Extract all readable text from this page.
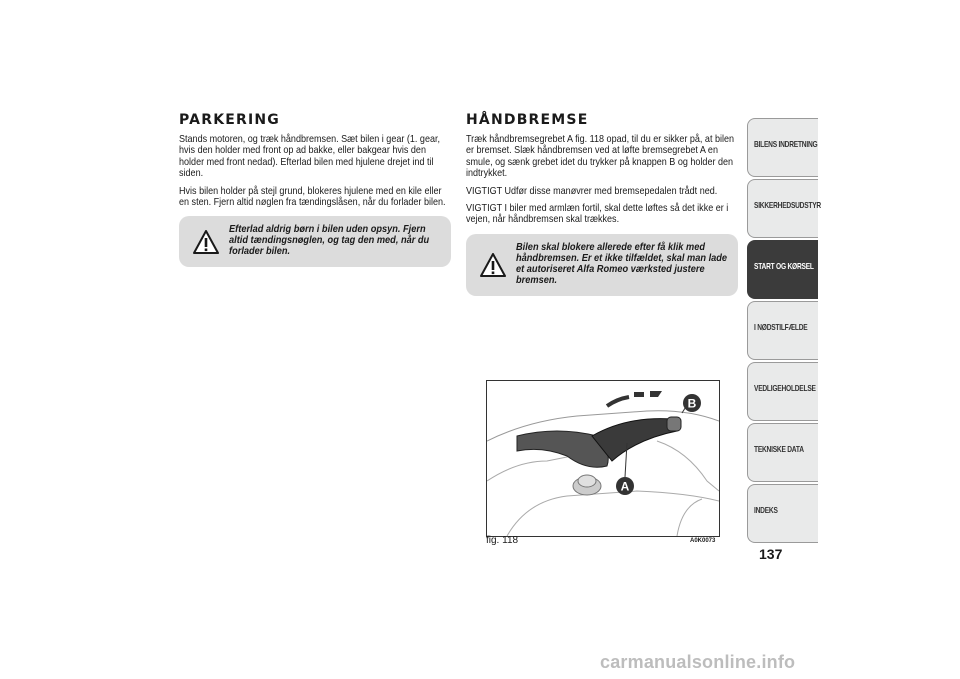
PARKERING

Stands motoren, og træk håndbremsen. Sæt bilen i gear (1. gear, hvis den holder med front op ad bakke, eller bakgear hvis den holder med front nedad). Efterlad bilen med hjulene drejet ind til siden.

Hvis bilen holder på stejl grund, blokeres hjulene med en kile eller en sten. Fjern altid nøglen fra tændingslåsen, når du forlader bilen.

Efterlad aldrig børn i bilen uden opsyn. Fjern altid tændingsnøglen, og tag den med, når du forlader bilen.
HÅNDBREMSE

Træk håndbremsegrebet A fig. 118 opad, til du er sikker på, at bilen er bremset. Slæk håndbremsen ved at løfte bremsegrebet A en smule, og sænk grebet idet du trykker på knappen B og holder den indtrykket.

VIGTIGT Udfør disse manøvrer med bremsepedalen trådt ned.

VIGTIGT I biler med armlæn fortil, skal dette løftes så det ikke er i vejen, når håndbremsen skal trækkes.

Bilen skal blokere allerede efter få klik med håndbremsen. Er et ikke tilfældet, skal man lade et autoriseret Alfa Romeo værksted justere bremsen.
B
A
fig. 118	A0K0073
BILENS INDRETNING
SIKKERHEDSUDSTYR
START OG KØRSEL
I NØDSTILFÆLDE
VEDLIGEHOLDELSE
TEKNISKE DATA
INDEKS
137
carmanualsonline.info
